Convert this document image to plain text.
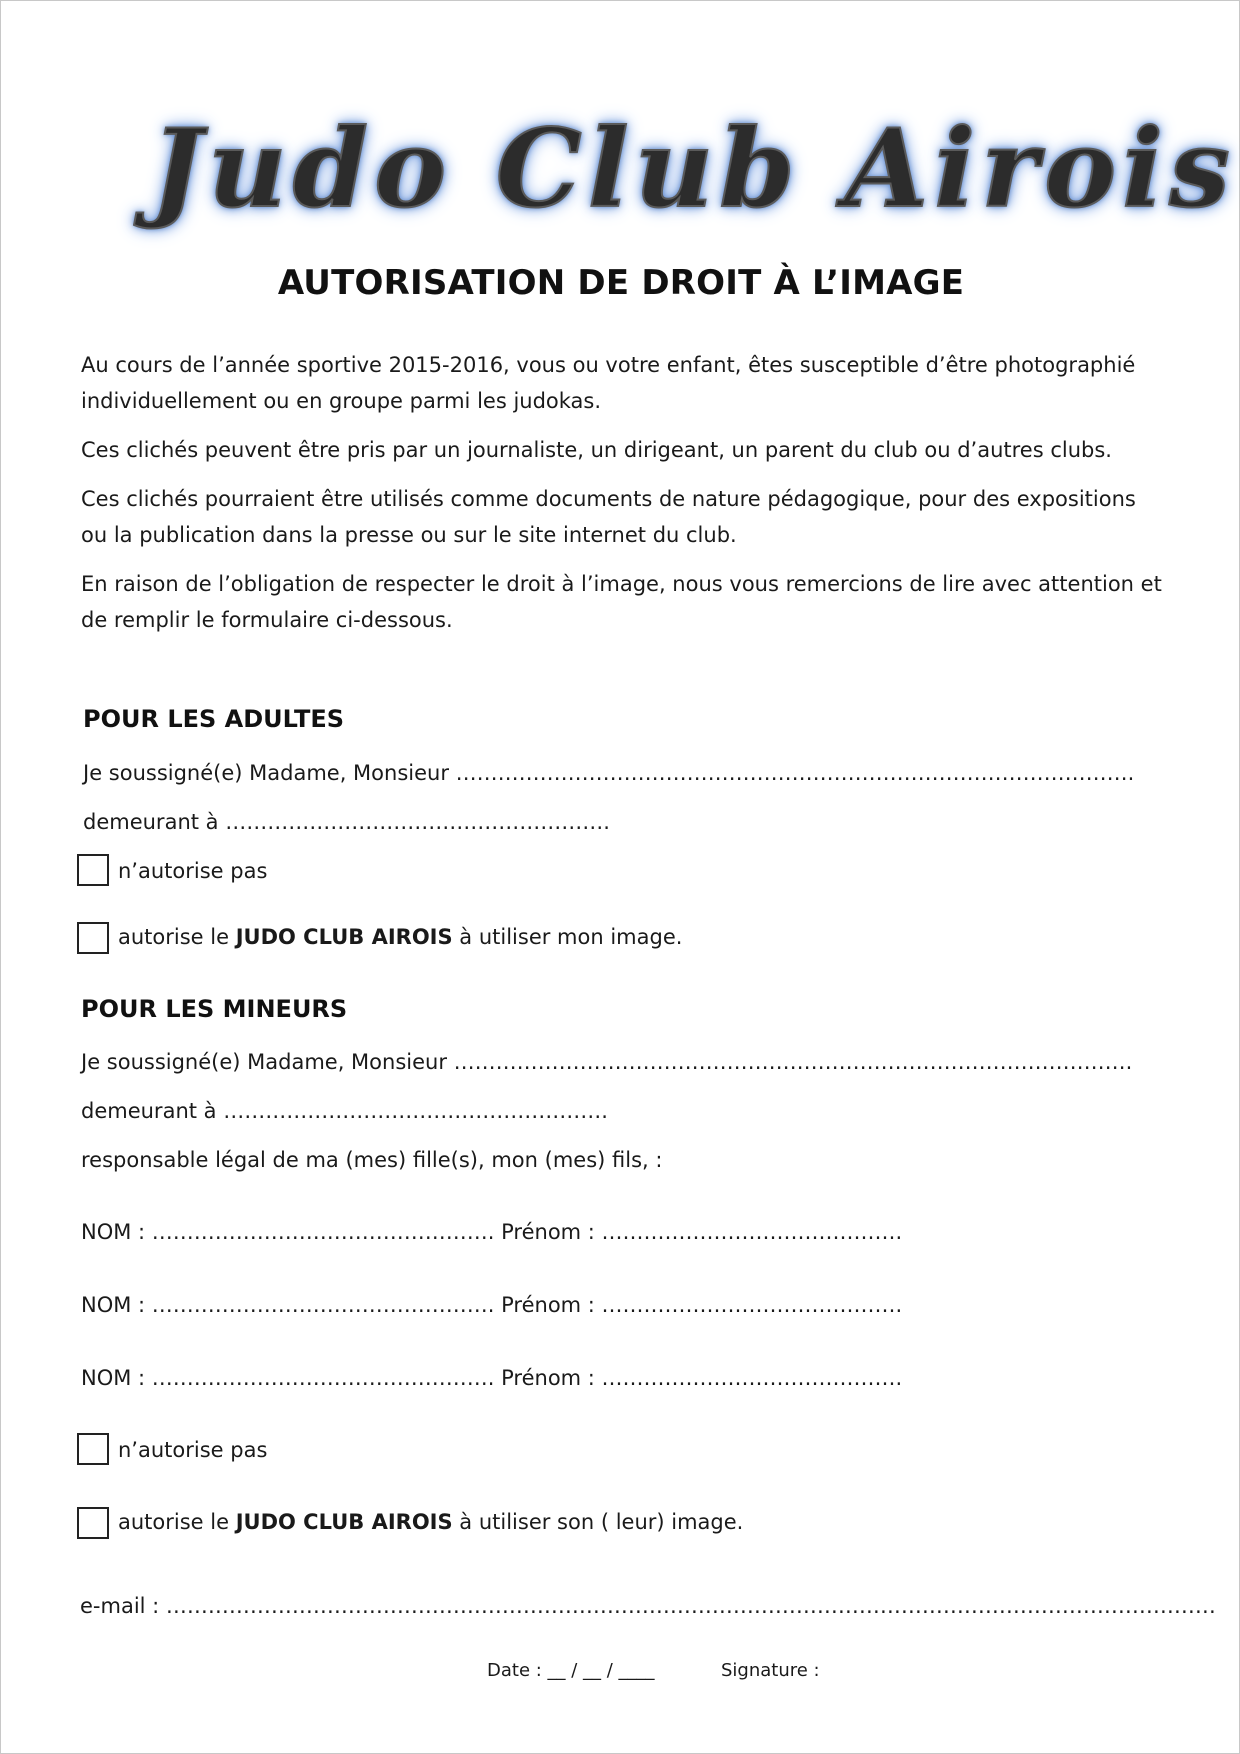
Judo Club Airois
AUTORISATION DE DROIT À L’IMAGE
Au cours de l’année sportive 2015-2016, vous ou votre enfant, êtes susceptible d’être photographié individuellement ou en groupe parmi les judokas.
Ces clichés peuvent être pris par un journaliste, un dirigeant, un parent du club ou d’autres clubs.
Ces clichés pourraient être utilisés comme documents de nature pédagogique, pour des expositions ou la publication dans la presse ou sur le site internet du club.
En raison de l’obligation de respecter le droit à l’image, nous vous remercions de lire avec attention et de remplir le formulaire ci-dessous.
POUR LES ADULTES
Je soussigné(e) Madame, Monsieur …………………………………………………………………………………….
demeurant à ……………………………………………….
n’autorise pas
autorise le JUDO CLUB AIROIS à utiliser mon image.
POUR LES MINEURS
Je soussigné(e) Madame, Monsieur …………………………………………………………………………………….
demeurant à ……………………………………………….
responsable légal de ma (mes) fille(s), mon (mes) fils, :
NOM : …………………………………………. Prénom : …………………………………….
NOM : …………………………………………. Prénom : …………………………………….
NOM : …………………………………………. Prénom : …………………………………….
n’autorise pas
autorise le JUDO CLUB AIROIS à utiliser son ( leur) image.
e-mail : ……………………………………………………………………………………………………………………………………
Date : __ / __ / ____	Signature :
